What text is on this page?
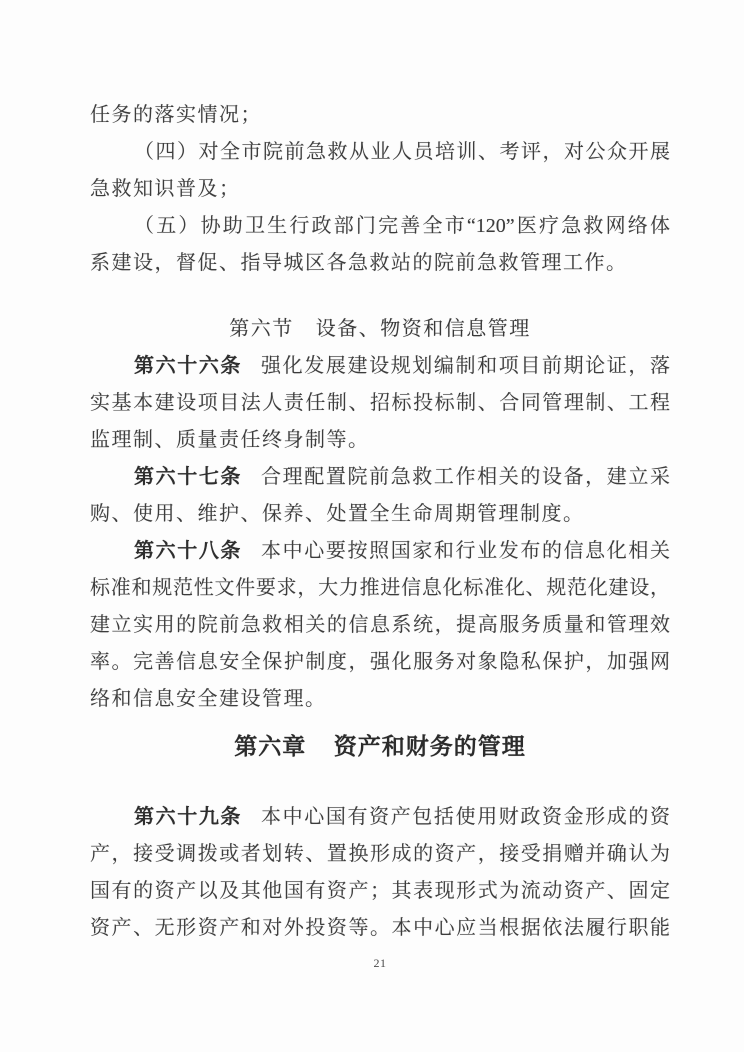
任务的落实情况；
（四）对全市院前急救从业人员培训、考评，对公众开展
急救知识普及；
（五）协助卫生行政部门完善全市“120”医疗急救网络体
系建设，督促、指导城区各急救站的院前急救管理工作。
第六节 设备、物资和信息管理
第六十六条 强化发展建设规划编制和项目前期论证，落
实基本建设项目法人责任制、招标投标制、合同管理制、工程
监理制、质量责任终身制等。
第六十七条 合理配置院前急救工作相关的设备，建立采
购、使用、维护、保养、处置全生命周期管理制度。
第六十八条 本中心要按照国家和行业发布的信息化相关
标准和规范性文件要求，大力推进信息化标准化、规范化建设，
建立实用的院前急救相关的信息系统，提高服务质量和管理效
率。完善信息安全保护制度，强化服务对象隐私保护，加强网
络和信息安全建设管理。
第六章 资产和财务的管理
第六十九条 本中心国有资产包括使用财政资金形成的资
产，接受调拨或者划转、置换形成的资产，接受捐赠并确认为
国有的资产以及其他国有资产；其表现形式为流动资产、固定
资产、无形资产和对外投资等。本中心应当根据依法履行职能
21
